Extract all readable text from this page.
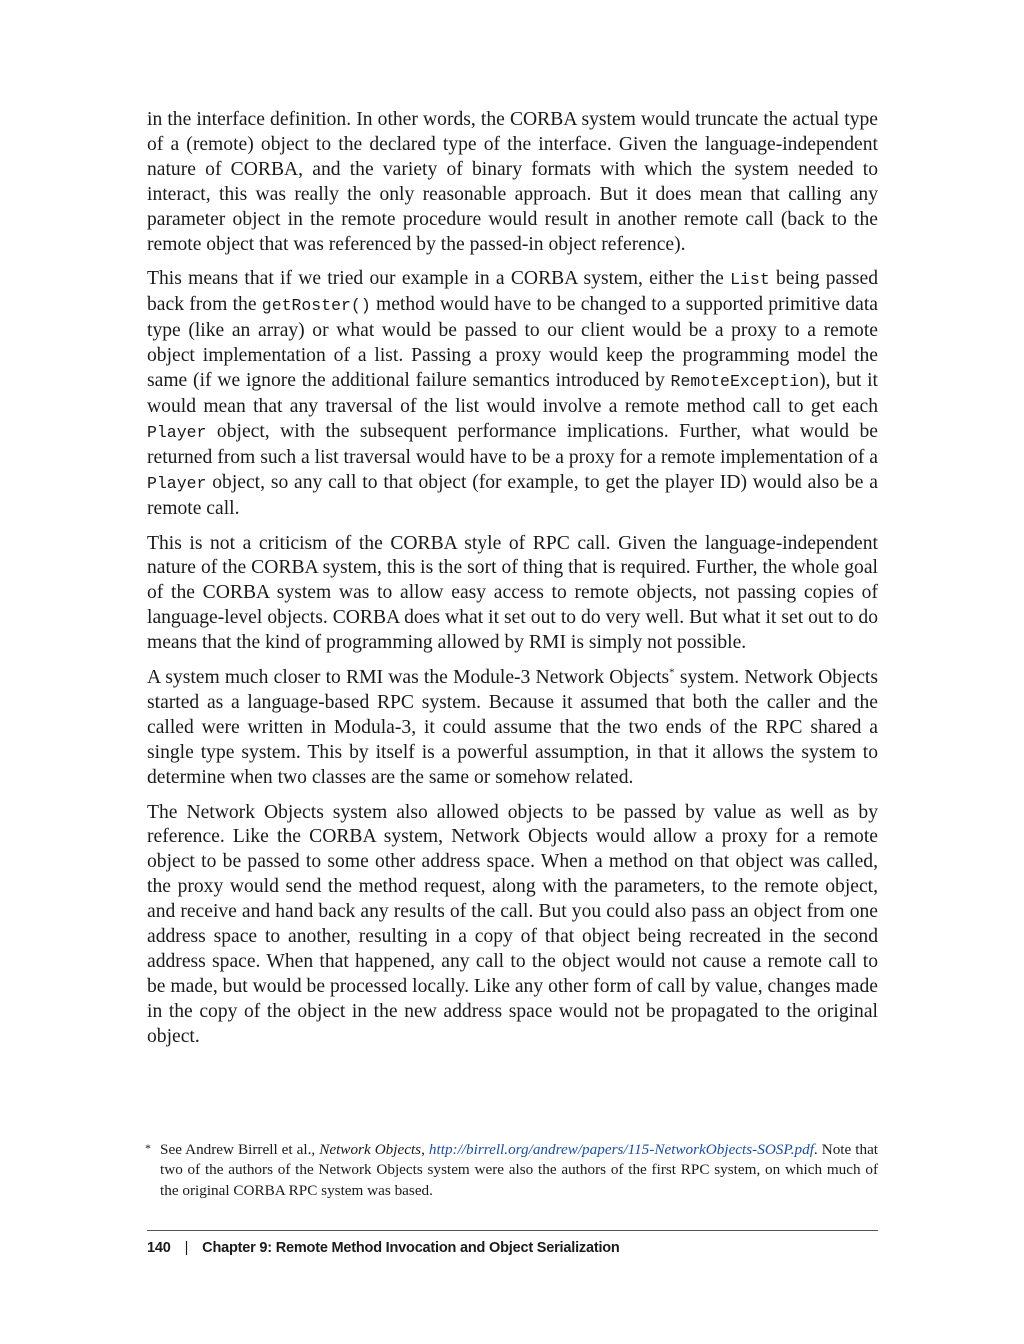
in the interface definition. In other words, the CORBA system would truncate the actual type of a (remote) object to the declared type of the interface. Given the language-independent nature of CORBA, and the variety of binary formats with which the system needed to interact, this was really the only reasonable approach. But it does mean that calling any parameter object in the remote procedure would result in another remote call (back to the remote object that was referenced by the passed-in object reference).

This means that if we tried our example in a CORBA system, either the List being passed back from the getRoster() method would have to be changed to a supported primitive data type (like an array) or what would be passed to our client would be a proxy to a remote object implementation of a list. Passing a proxy would keep the programming model the same (if we ignore the additional failure semantics introduced by RemoteException), but it would mean that any traversal of the list would involve a remote method call to get each Player object, with the subsequent performance implications. Further, what would be returned from such a list traversal would have to be a proxy for a remote implementation of a Player object, so any call to that object (for example, to get the player ID) would also be a remote call.

This is not a criticism of the CORBA style of RPC call. Given the language-independent nature of the CORBA system, this is the sort of thing that is required. Further, the whole goal of the CORBA system was to allow easy access to remote objects, not passing copies of language-level objects. CORBA does what it set out to do very well. But what it set out to do means that the kind of programming allowed by RMI is simply not possible.

A system much closer to RMI was the Module-3 Network Objects* system. Network Objects started as a language-based RPC system. Because it assumed that both the caller and the called were written in Modula-3, it could assume that the two ends of the RPC shared a single type system. This by itself is a powerful assumption, in that it allows the system to determine when two classes are the same or somehow related.

The Network Objects system also allowed objects to be passed by value as well as by reference. Like the CORBA system, Network Objects would allow a proxy for a remote object to be passed to some other address space. When a method on that object was called, the proxy would send the method request, along with the parameters, to the remote object, and receive and hand back any results of the call. But you could also pass an object from one address space to another, resulting in a copy of that object being recreated in the second address space. When that happened, any call to the object would not cause a remote call to be made, but would be processed locally. Like any other form of call by value, changes made in the copy of the object in the new address space would not be propagated to the original object.

* See Andrew Birrell et al., Network Objects, http://birrell.org/andrew/papers/115-NetworkObjects-SOSP.pdf. Note that two of the authors of the Network Objects system were also the authors of the first RPC system, on which much of the original CORBA RPC system was based.
140 | Chapter 9: Remote Method Invocation and Object Serialization
